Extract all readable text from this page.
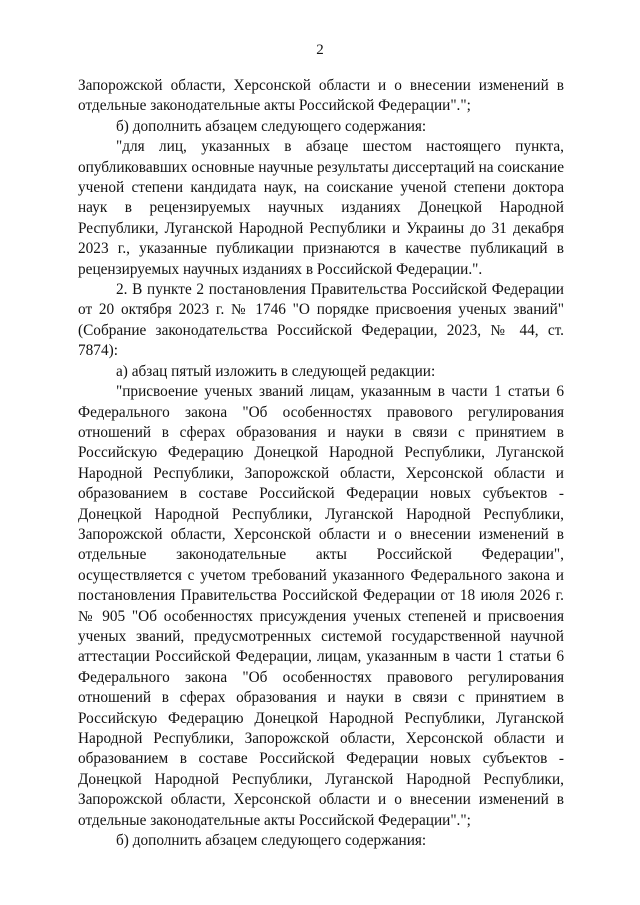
2

Запорожской области, Херсонской области и о внесении изменений в отдельные законодательные акты Российской Федерации".";

б) дополнить абзацем следующего содержания:

"для лиц, указанных в абзаце шестом настоящего пункта, опубликовавших основные научные результаты диссертаций на соискание ученой степени кандидата наук, на соискание ученой степени доктора наук в рецензируемых научных изданиях Донецкой Народной Республики, Луганской Народной Республики и Украины до 31 декабря 2023 г., указанные публикации признаются в качестве публикаций в рецензируемых научных изданиях в Российской Федерации.".

2. В пункте 2 постановления Правительства Российской Федерации от 20 октября 2023 г. № 1746 "О порядке присвоения ученых званий" (Собрание законодательства Российской Федерации, 2023, № 44, ст. 7874):

а) абзац пятый изложить в следующей редакции:

"присвоение ученых званий лицам, указанным в части 1 статьи 6 Федерального закона "Об особенностях правового регулирования отношений в сферах образования и науки в связи с принятием в Российскую Федерацию Донецкой Народной Республики, Луганской Народной Республики, Запорожской области, Херсонской области и образованием в составе Российской Федерации новых субъектов - Донецкой Народной Республики, Луганской Народной Республики, Запорожской области, Херсонской области и о внесении изменений в отдельные законодательные акты Российской Федерации", осуществляется с учетом требований указанного Федерального закона и постановления Правительства Российской Федерации от 18 июля 2026 г. № 905 "Об особенностях присуждения ученых степеней и присвоения ученых званий, предусмотренных системой государственной научной аттестации Российской Федерации, лицам, указанным в части 1 статьи 6 Федерального закона "Об особенностях правового регулирования отношений в сферах образования и науки в связи с принятием в Российскую Федерацию Донецкой Народной Республики, Луганской Народной Республики, Запорожской области, Херсонской области и образованием в составе Российской Федерации новых субъектов - Донецкой Народной Республики, Луганской Народной Республики, Запорожской области, Херсонской области и о внесении изменений в отдельные законодательные акты Российской Федерации".";

б) дополнить абзацем следующего содержания:
